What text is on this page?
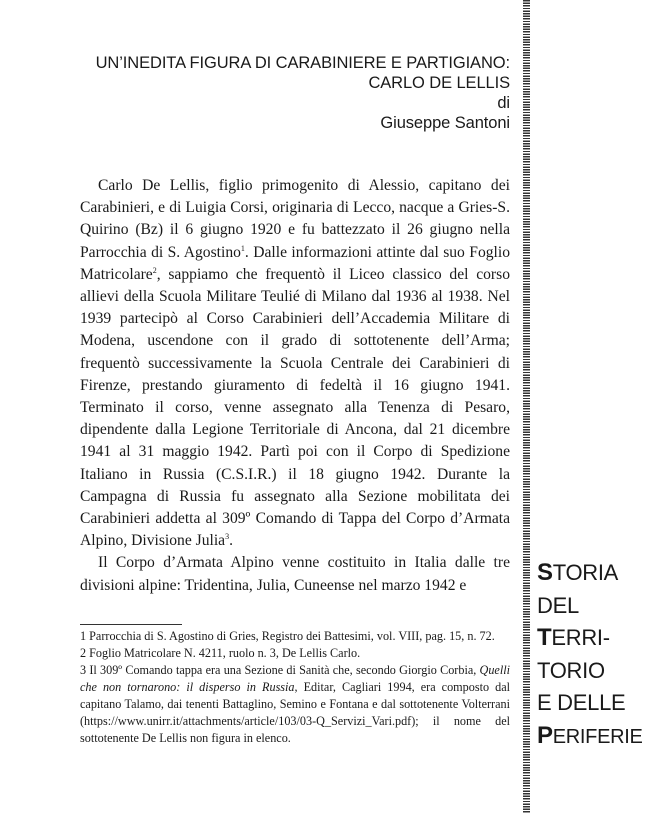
UN’INEDITA FIGURA DI CARABINIERE E PARTIGIANO:
CARLO DE LELLIS
di
Giuseppe Santoni

Carlo De Lellis, figlio primogenito di Alessio, capitano dei Carabinieri, e di Luigia Corsi, originaria di Lecco, nacque a Gries-S. Quirino (Bz) il 6 giugno 1920 e fu battezzato il 26 giugno nella Parrocchia di S. Agostino$^1$. Dalle informazioni attinte dal suo Foglio Matricolare$^2$, sappiamo che frequentò il Liceo classico del corso allievi della Scuola Militare Teulié di Milano dal 1936 al 1938. Nel 1939 partecipò al Corso Carabinieri dell’Accademia Militare di Modena, uscendone con il grado di sottotenente dell’Arma; frequentò successivamente la Scuola Centrale dei Carabinieri di Firenze, prestando giuramento di fedeltà il 16 giugno 1941. Terminato il corso, venne assegnato alla Tenenza di Pesaro, dipendente dalla Legione Territoriale di Ancona, dal 21 dicembre 1941 al 31 maggio 1942. Partì poi con il Corpo di Spedizione Italiano in Russia (C.S.I.R.) il 18 giugno 1942. Durante la Campagna di Russia fu assegnato alla Sezione mobilitata dei Carabinieri addetta al 309º Comando di Tappa del Corpo d’Armata Alpino, Divisione Julia$^3$.

Il Corpo d’Armata Alpino venne costituito in Italia dalle tre divisioni alpine: Tridentina, Julia, Cuneense nel marzo 1942 e

1 Parrocchia di S. Agostino di Gries, Registro dei Battesimi, vol. VIII, pag. 15, n. 72.

2 Foglio Matricolare N. 4211, ruolo n. 3, De Lellis Carlo.

3 Il 309º Comando tappa era una Sezione di Sanità che, secondo Giorgio Corbia, Quelli che non tornarono: il disperso in Russia, Editar, Cagliari 1994, era composto dal capitano Talamo, dai tenenti Battaglino, Semino e Fontana e dal sottotenente Volterrani (https://www.unirr.it/attachments/article/103/03-Q_Servizi_Vari.pdf); il nome del sottotenente De Lellis non figura in elenco.

STORIA
DEL
TERRI-
TORIO
E DELLE
PERIFERIE
